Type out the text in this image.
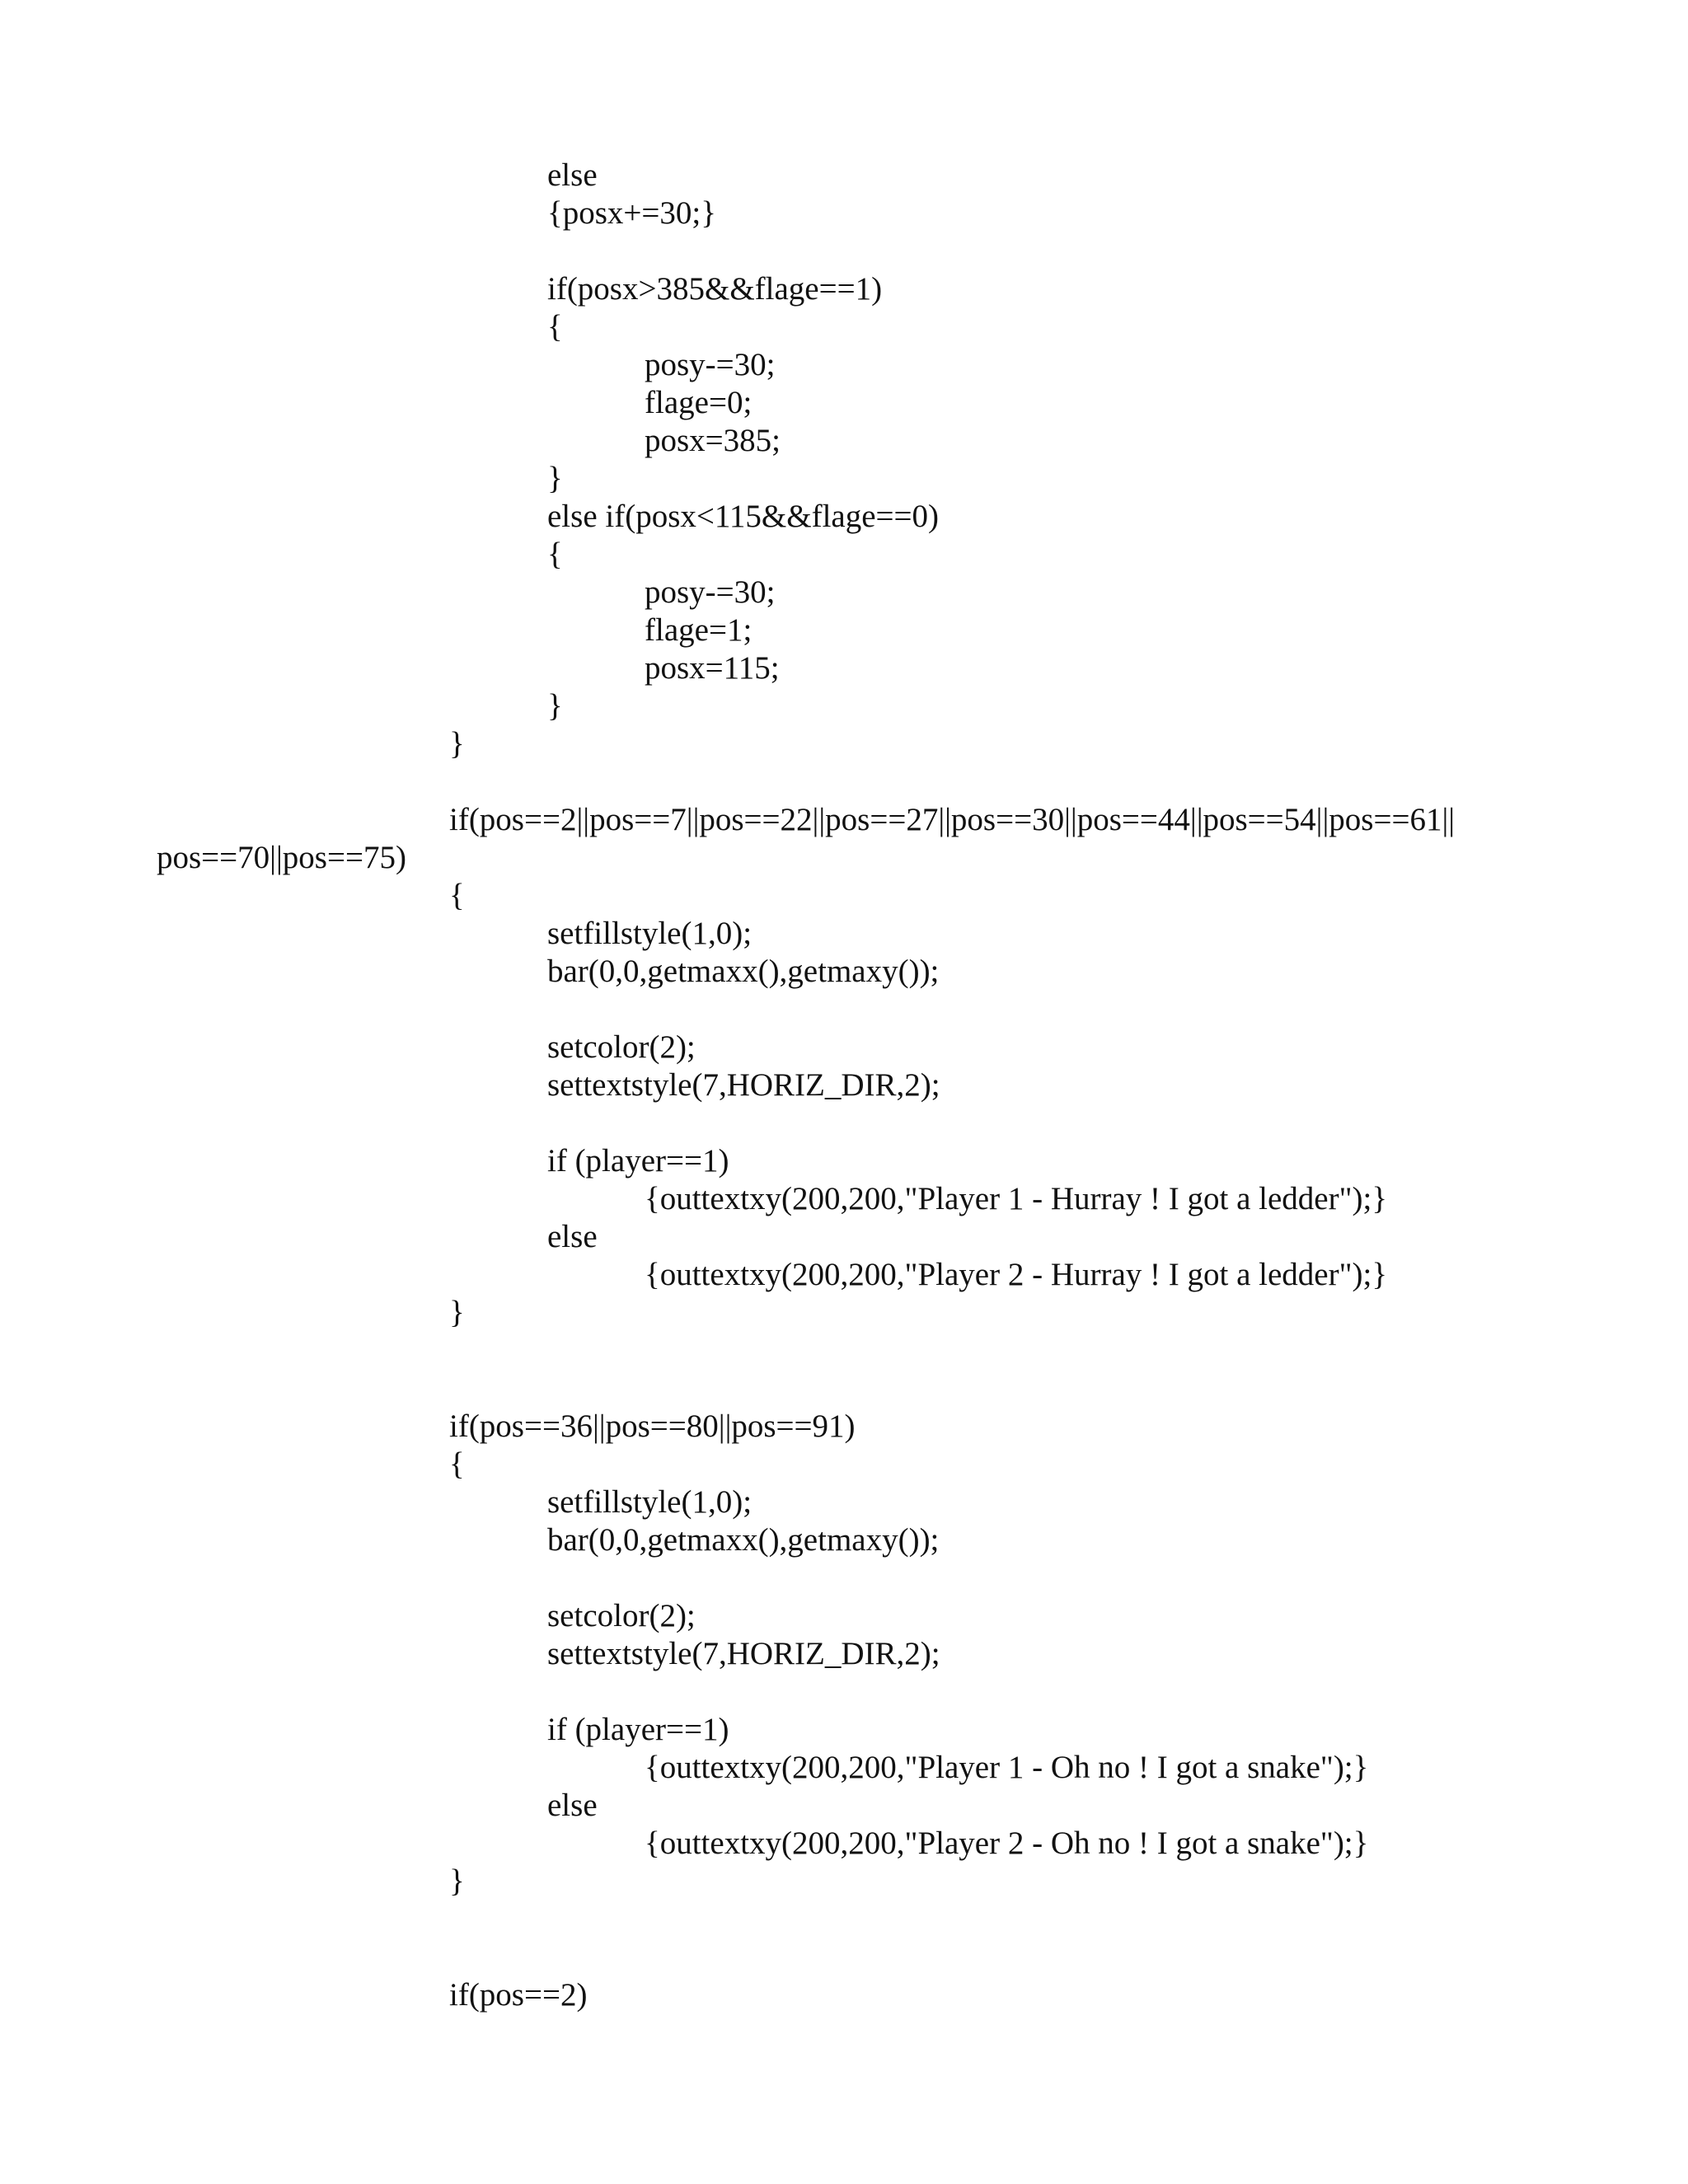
else
{posx+=30;}
if(posx>385&&flage==1)
{
posy-=30;
flage=0;
posx=385;
}
else if(posx<115&&flage==0)
{
posy-=30;
flage=1;
posx=115;
}
}
if(pos==2||pos==7||pos==22||pos==27||pos==30||pos==44||pos==54||pos==61||
pos==70||pos==75)
{
setfillstyle(1,0);
bar(0,0,getmaxx(),getmaxy());
setcolor(2);
settextstyle(7,HORIZ_DIR,2);
if (player==1)
{outtextxy(200,200,"Player 1 - Hurray ! I got a ledder");}
else
{outtextxy(200,200,"Player 2 - Hurray ! I got a ledder");}
}
if(pos==36||pos==80||pos==91)
{
setfillstyle(1,0);
bar(0,0,getmaxx(),getmaxy());
setcolor(2);
settextstyle(7,HORIZ_DIR,2);
if (player==1)
{outtextxy(200,200,"Player 1 - Oh no ! I got a snake");}
else
{outtextxy(200,200,"Player 2 - Oh no ! I got a snake");}
}
if(pos==2)
